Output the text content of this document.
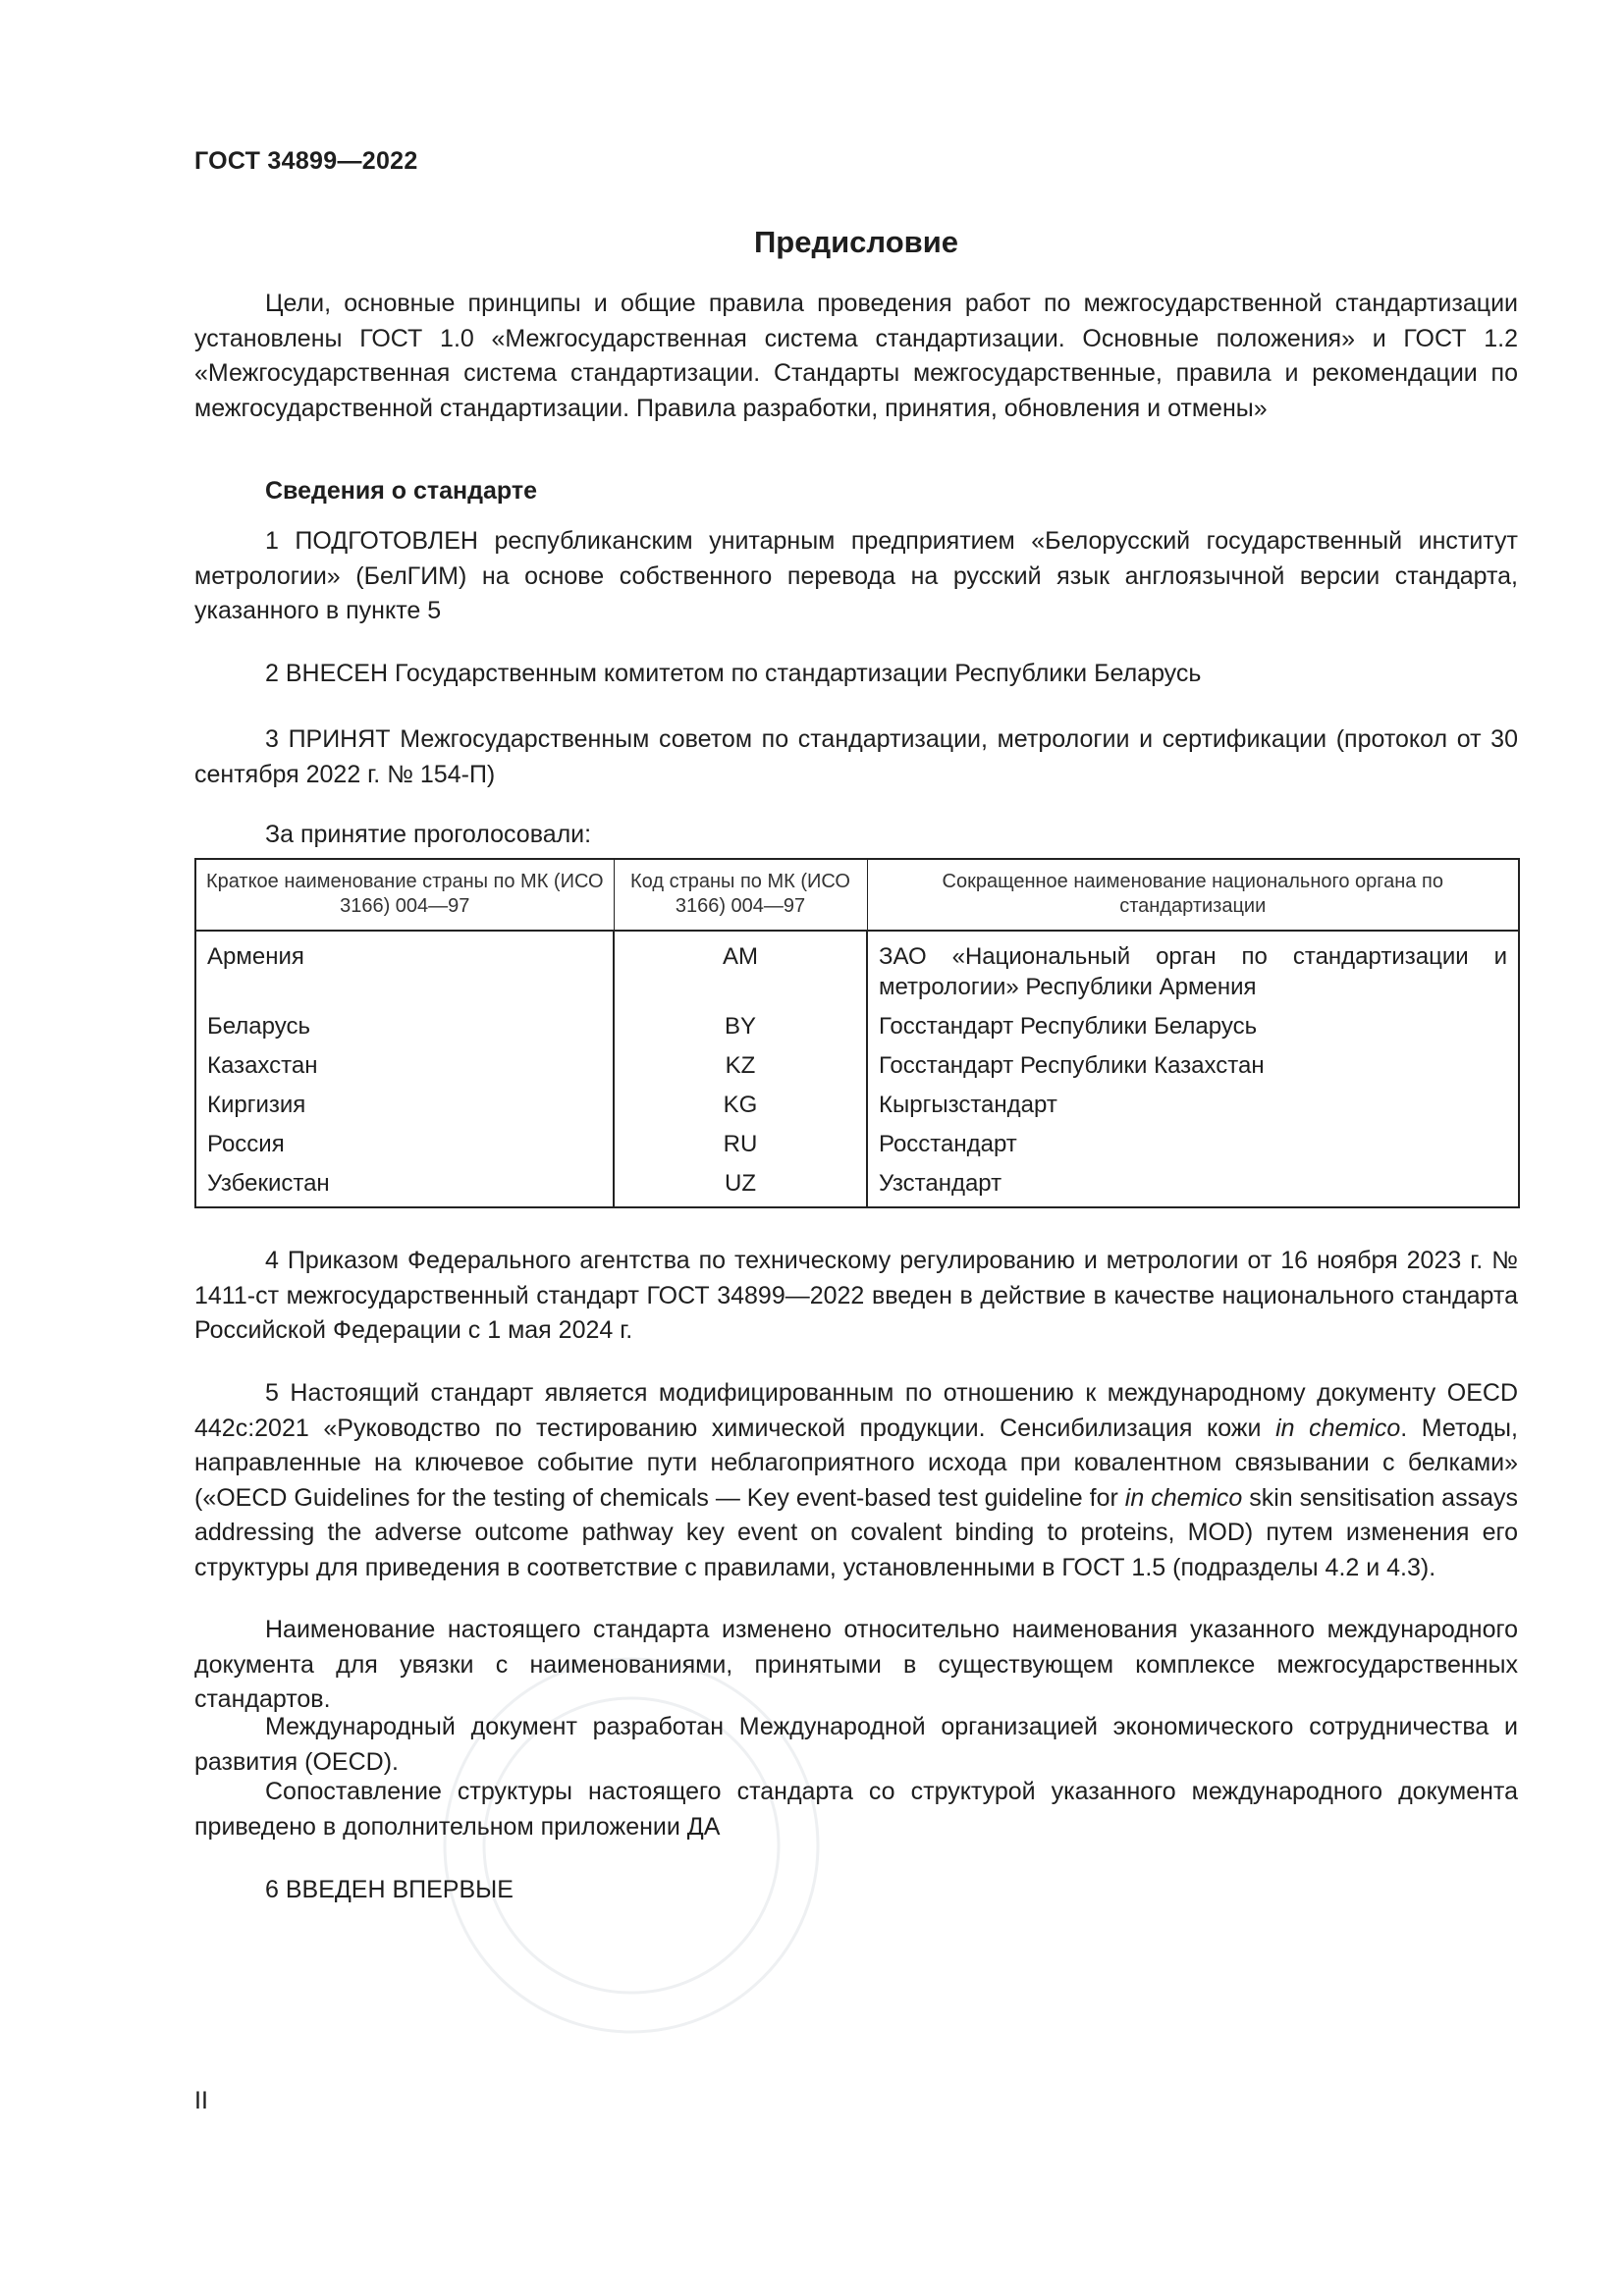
ГОСТ 34899—2022
Предисловие

Цели, основные принципы и общие правила проведения работ по межгосударственной стандартизации установлены ГОСТ 1.0 «Межгосударственная система стандартизации. Основные положения» и ГОСТ 1.2 «Межгосударственная система стандартизации. Стандарты межгосударственные, правила и рекомендации по межгосударственной стандартизации. Правила разработки, принятия, обновления и отмены»

Сведения о стандарте

1 ПОДГОТОВЛЕН республиканским унитарным предприятием «Белорусский государственный институт метрологии» (БелГИМ) на основе собственного перевода на русский язык англоязычной версии стандарта, указанного в пункте 5

2 ВНЕСЕН Государственным комитетом по стандартизации Республики Беларусь

3 ПРИНЯТ Межгосударственным советом по стандартизации, метрологии и сертификации (протокол от 30 сентября 2022 г. № 154-П)

За принятие проголосовали:
Краткое наименование страны по МК (ИСО 3166) 004—97	Код страны по МК (ИСО 3166) 004—97	Сокращенное наименование национального органа по стандартизации
Армения	AM	ЗАО «Национальный орган по стандартизации и метрологии» Республики Армения
Беларусь	BY	Госстандарт Республики Беларусь
Казахстан	KZ	Госстандарт Республики Казахстан
Киргизия	KG	Кыргызстандарт
Россия	RU	Росстандарт
Узбекистан	UZ	Узстандарт

4 Приказом Федерального агентства по техническому регулированию и метрологии от 16 ноября 2023 г. № 1411-ст межгосударственный стандарт ГОСТ 34899—2022 введен в действие в качестве национального стандарта Российской Федерации с 1 мая 2024 г.

5 Настоящий стандарт является модифицированным по отношению к международному документу OECD 442c:2021 «Руководство по тестированию химической продукции. Сенсибилизация кожи in chemico. Методы, направленные на ключевое событие пути неблагоприятного исхода при ковалентном связывании с белками» («OECD Guidelines for the testing of chemicals — Key event-based test guideline for in chemico skin sensitisation assays addressing the adverse outcome pathway key event on covalent binding to proteins, MOD) путем изменения его структуры для приведения в соответствие с правилами, установленными в ГОСТ 1.5 (подразделы 4.2 и 4.3).

Наименование настоящего стандарта изменено относительно наименования указанного международного документа для увязки с наименованиями, принятыми в существующем комплексе межгосударственных стандартов.

Международный документ разработан Международной организацией экономического сотрудничества и развития (OECD).

Сопоставление структуры настоящего стандарта со структурой указанного международного документа приведено в дополнительном приложении ДА

6 ВВЕДЕН ВПЕРВЫЕ

II
